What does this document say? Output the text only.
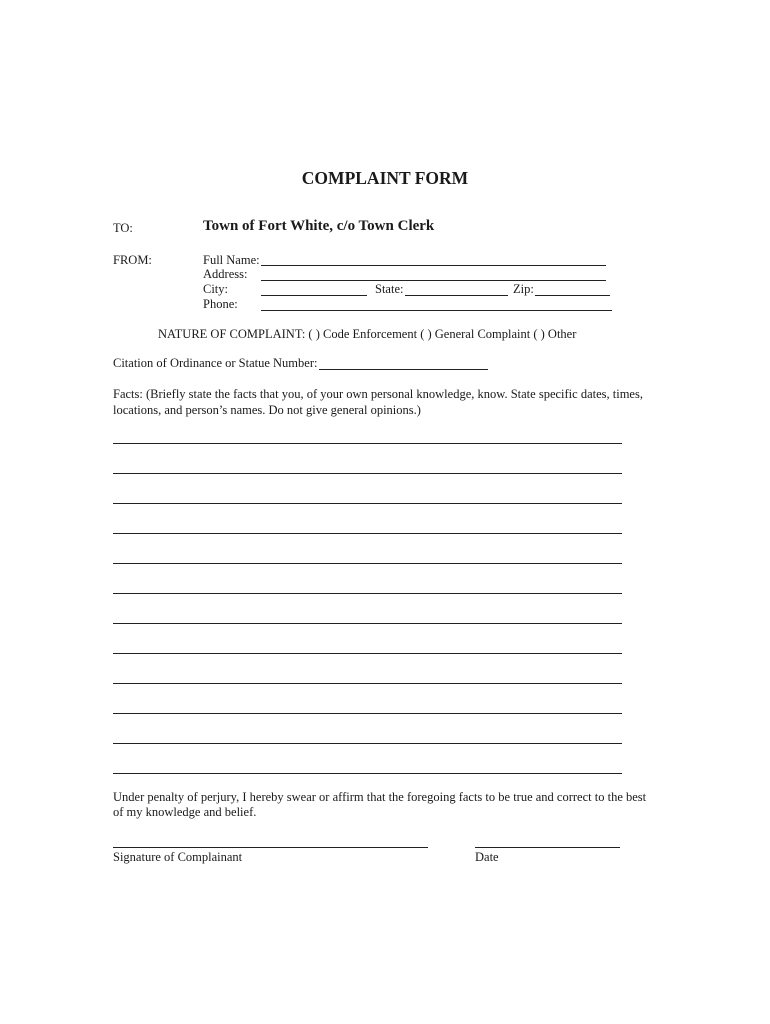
COMPLAINT FORM
TO:	Town of Fort White, c/o Town Clerk
FROM:	Full Name:
Address:
City:	State:	Zip:
Phone:
NATURE OF COMPLAINT: ( ) Code Enforcement ( ) General Complaint ( ) Other
Citation of Ordinance or Statue Number:
Facts: (Briefly state the facts that you, of your own personal knowledge, know. State specific dates, times, locations, and person’s names. Do not give general opinions.)
Under penalty of perjury, I hereby swear or affirm that the foregoing facts to be true and correct to the best of my knowledge and belief.
Signature of Complainant	Date
